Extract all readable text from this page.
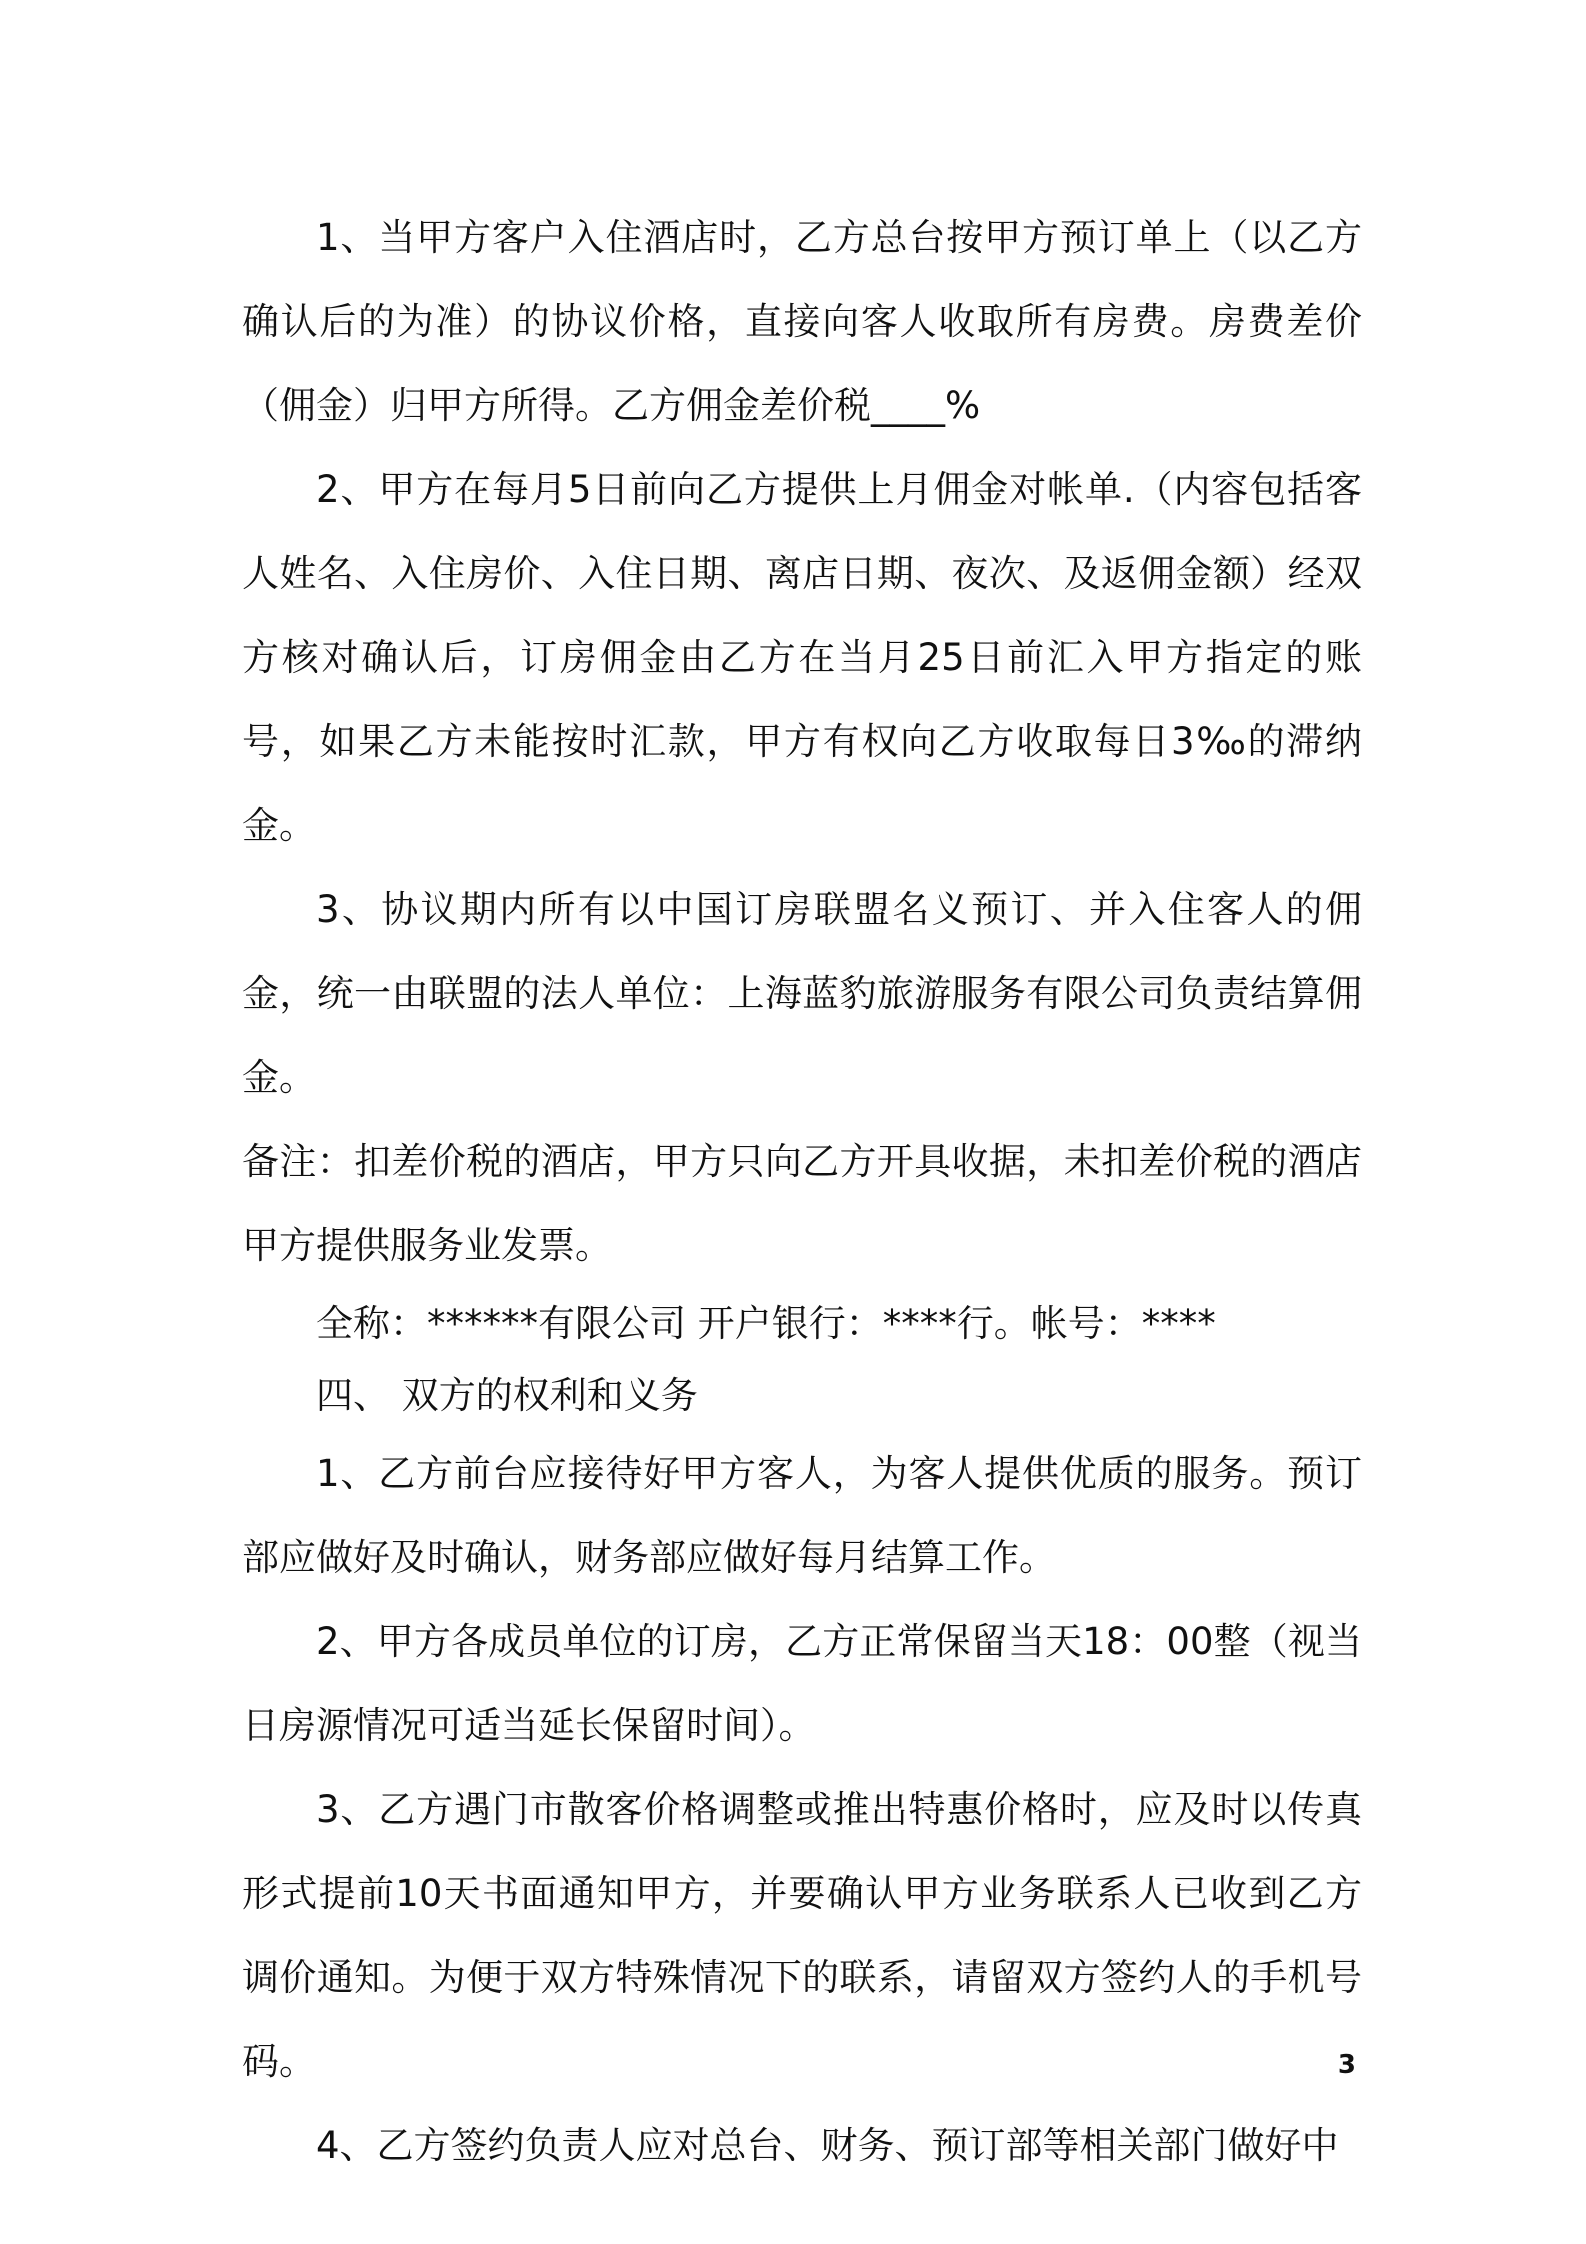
1、当甲方客户入住酒店时，乙方总台按甲方预订单上（以乙方确认后的为准）的协议价格，直接向客人收取所有房费。房费差价（佣金）归甲方所得。乙方佣金差价税____%

2、甲方在每月5日前向乙方提供上月佣金对帐单.（内容包括客人姓名、入住房价、入住日期、离店日期、夜次、及返佣金额）经双方核对确认后，订房佣金由乙方在当月25日前汇入甲方指定的账号，如果乙方未能按时汇款，甲方有权向乙方收取每日3‰的滞纳金。

3、协议期内所有以中国订房联盟名义预订、并入住客人的佣金，统一由联盟的法人单位：上海蓝豹旅游服务有限公司负责结算佣金。

备注：扣差价税的酒店，甲方只向乙方开具收据，未扣差价税的酒店甲方提供服务业发票。

全称：******有限公司 开户银行：****行。帐号：****

四、 双方的权利和义务

1、乙方前台应接待好甲方客人，为客人提供优质的服务。预订部应做好及时确认，财务部应做好每月结算工作。

2、甲方各成员单位的订房，乙方正常保留当天18：00整（视当日房源情况可适当延长保留时间）。

3、乙方遇门市散客价格调整或推出特惠价格时，应及时以传真形式提前10天书面通知甲方，并要确认甲方业务联系人已收到乙方调价通知。为便于双方特殊情况下的联系，请留双方签约人的手机号码。

4、乙方签约负责人应对总台、财务、预订部等相关部门做好中

3
